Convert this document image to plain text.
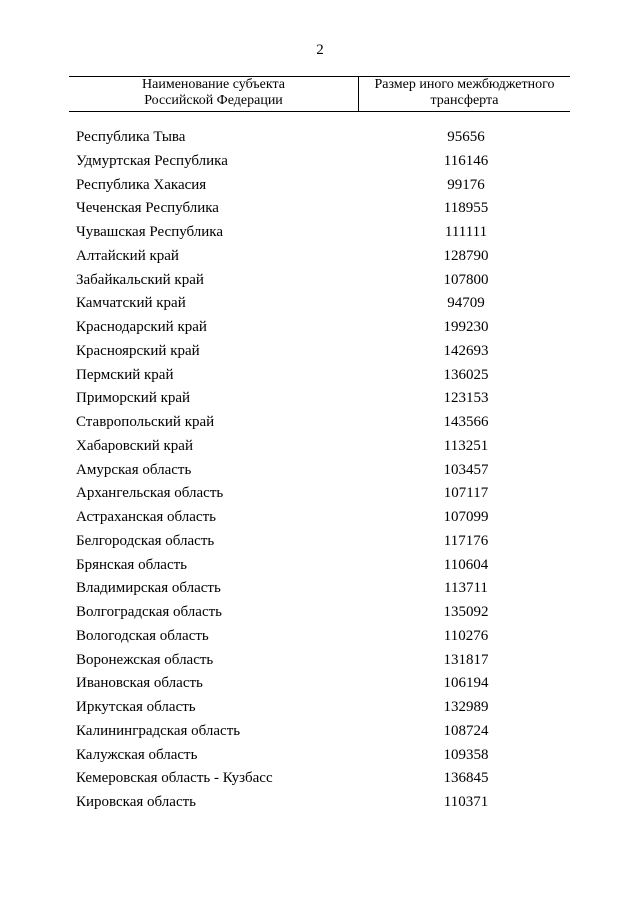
2
Наименование субъекта
Российской Федерации
Размер иного межбюджетного
трансферта
Республика Тыва	95656
Удмуртская Республика	116146
Республика Хакасия	99176
Чеченская Республика	118955
Чувашская Республика	111111
Алтайский край	128790
Забайкальский край	107800
Камчатский край	94709
Краснодарский край	199230
Красноярский край	142693
Пермский край	136025
Приморский край	123153
Ставропольский край	143566
Хабаровский край	113251
Амурская область	103457
Архангельская область	107117
Астраханская область	107099
Белгородская область	117176
Брянская область	110604
Владимирская область	113711
Волгоградская область	135092
Вологодская область	110276
Воронежская область	131817
Ивановская область	106194
Иркутская область	132989
Калининградская область	108724
Калужская область	109358
Кемеровская область - Кузбасс	136845
Кировская область	110371
